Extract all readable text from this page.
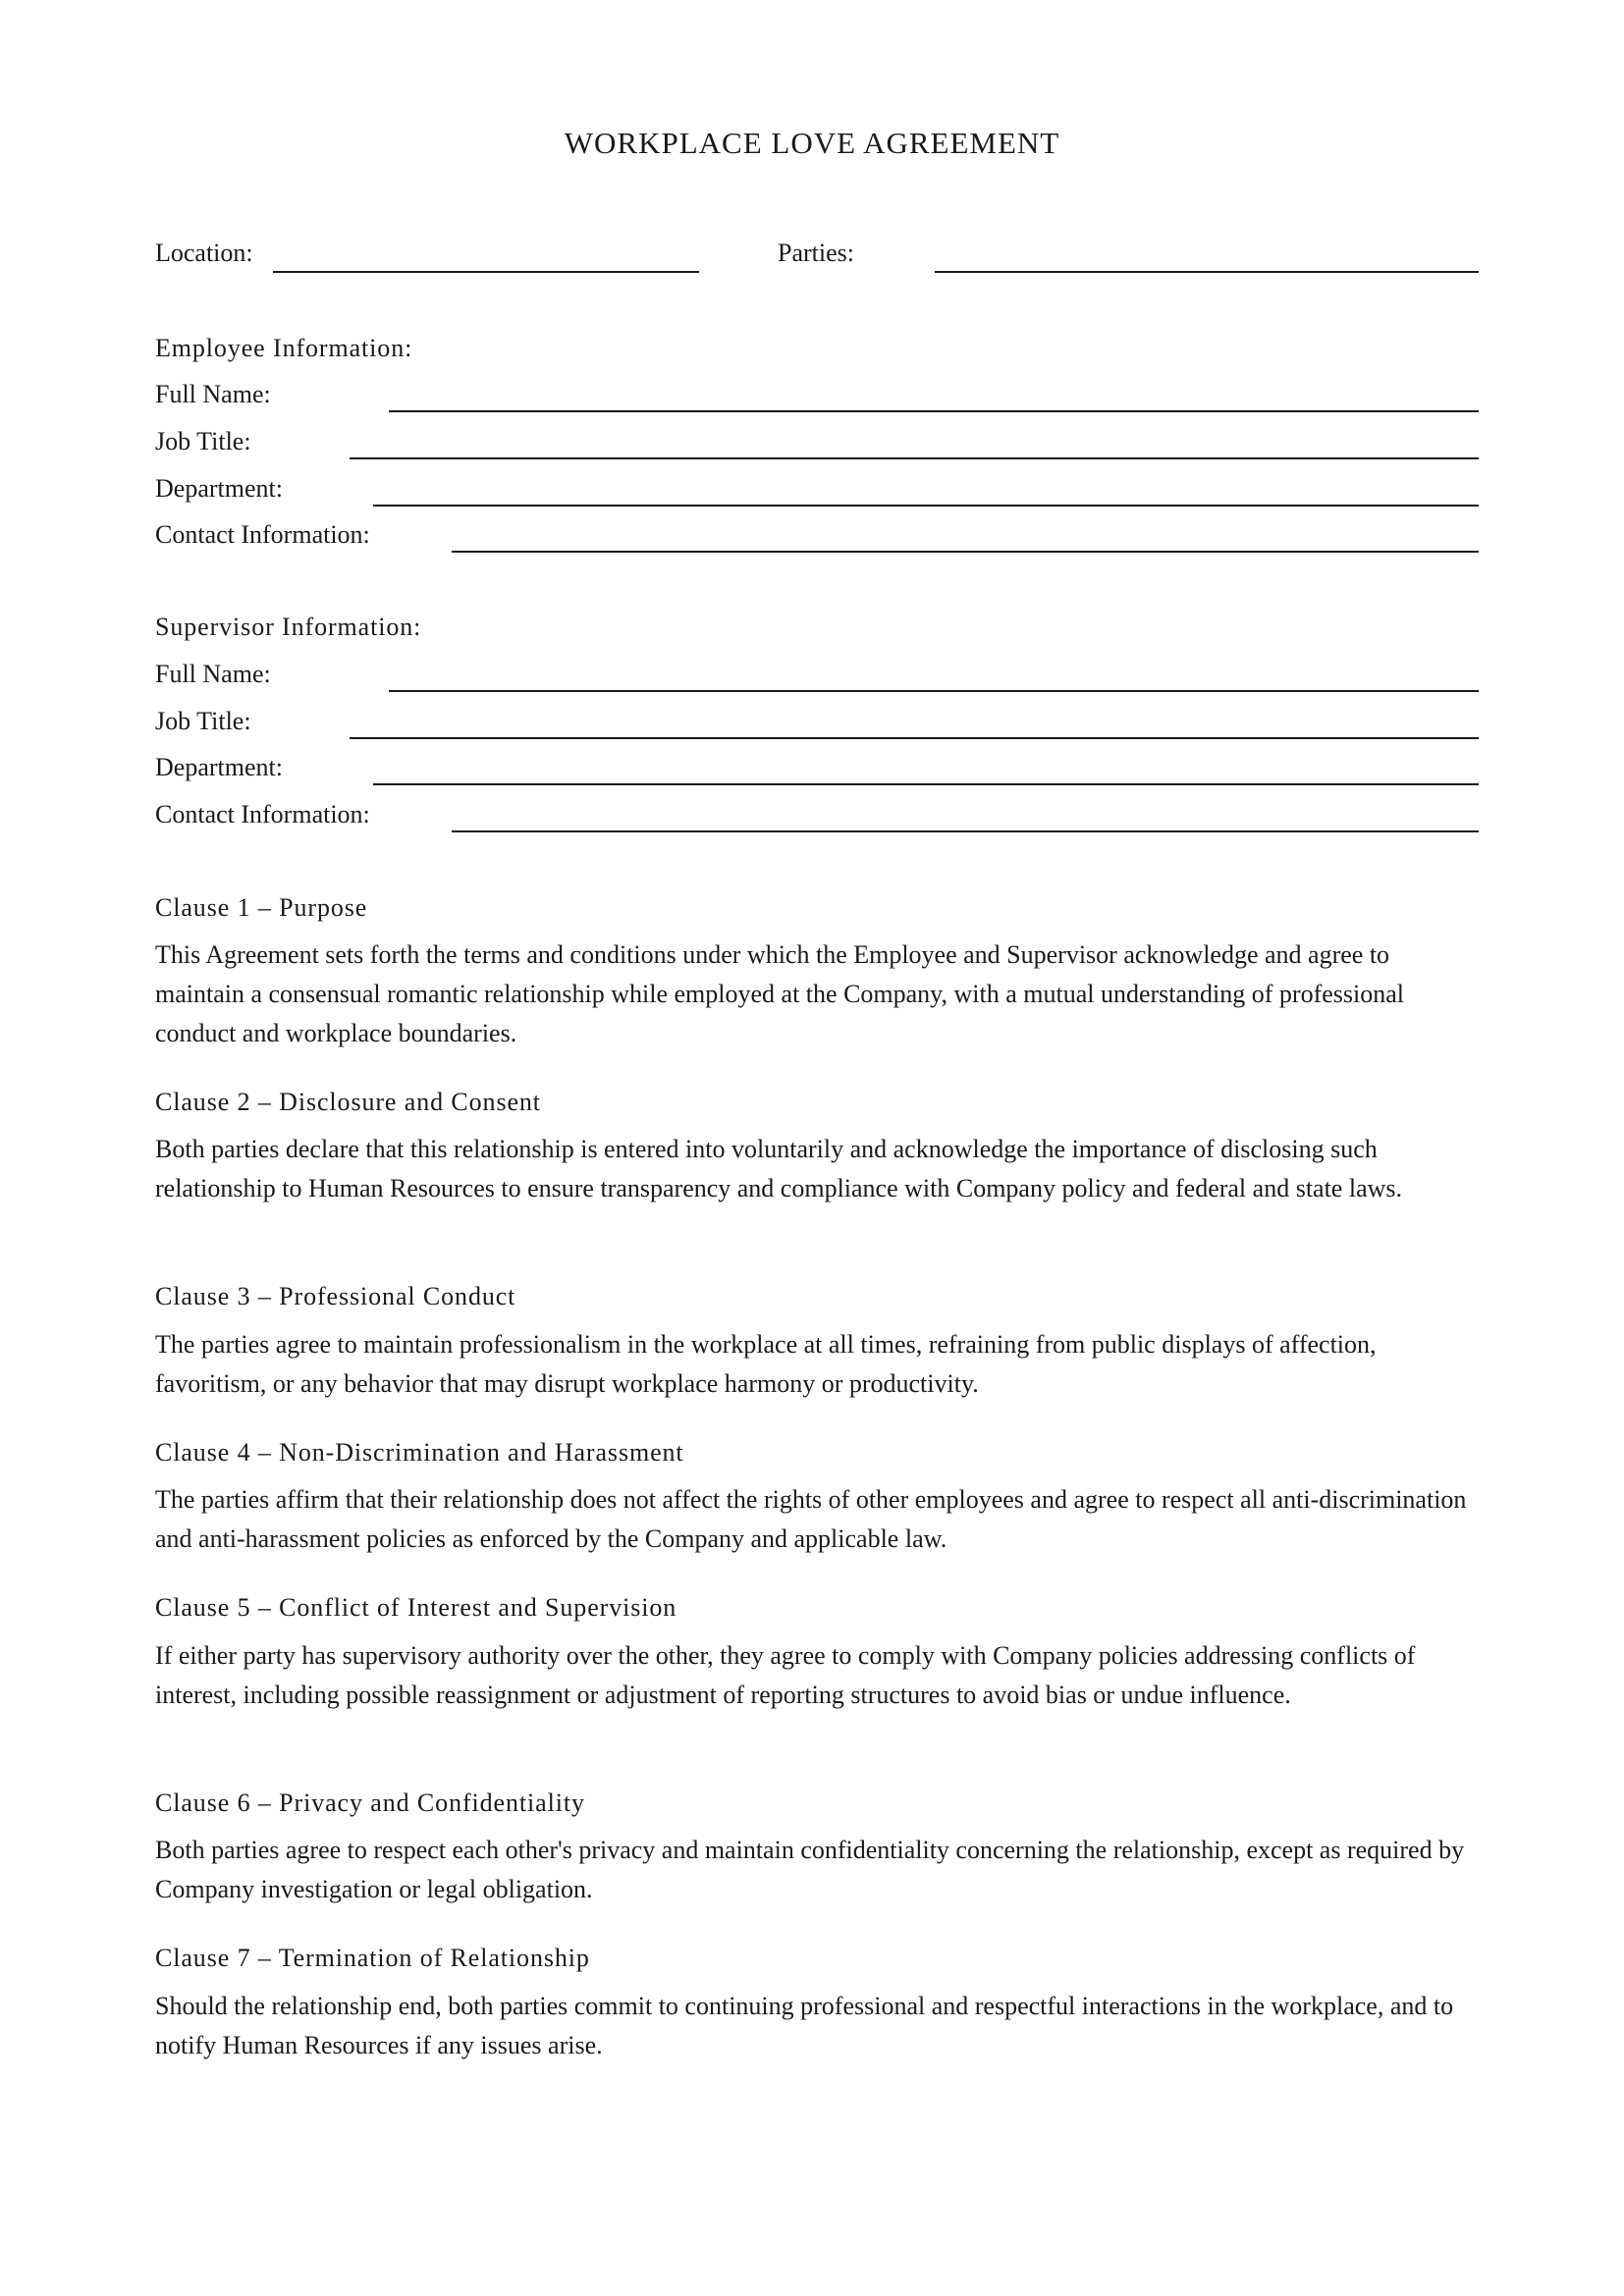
WORKPLACE LOVE AGREEMENT
Location:	Parties:
Employee Information:
Full Name:
Job Title:
Department:
Contact Information:
Supervisor Information:
Full Name:
Job Title:
Department:
Contact Information:
Clause 1 – Purpose
This Agreement sets forth the terms and conditions under which the Employee and Supervisor acknowledge and agree to maintain a consensual romantic relationship while employed at the Company, with a mutual understanding of professional conduct and workplace boundaries.
Clause 2 – Disclosure and Consent
Both parties declare that this relationship is entered into voluntarily and acknowledge the importance of disclosing such relationship to Human Resources to ensure transparency and compliance with Company policy and federal and state laws.
Clause 3 – Professional Conduct
The parties agree to maintain professionalism in the workplace at all times, refraining from public displays of affection, favoritism, or any behavior that may disrupt workplace harmony or productivity.
Clause 4 – Non-Discrimination and Harassment
The parties affirm that their relationship does not affect the rights of other employees and agree to respect all anti-discrimination and anti-harassment policies as enforced by the Company and applicable law.
Clause 5 – Conflict of Interest and Supervision
If either party has supervisory authority over the other, they agree to comply with Company policies addressing conflicts of interest, including possible reassignment or adjustment of reporting structures to avoid bias or undue influence.
Clause 6 – Privacy and Confidentiality
Both parties agree to respect each other's privacy and maintain confidentiality concerning the relationship, except as required by Company investigation or legal obligation.
Clause 7 – Termination of Relationship
Should the relationship end, both parties commit to continuing professional and respectful interactions in the workplace, and to notify Human Resources if any issues arise.
